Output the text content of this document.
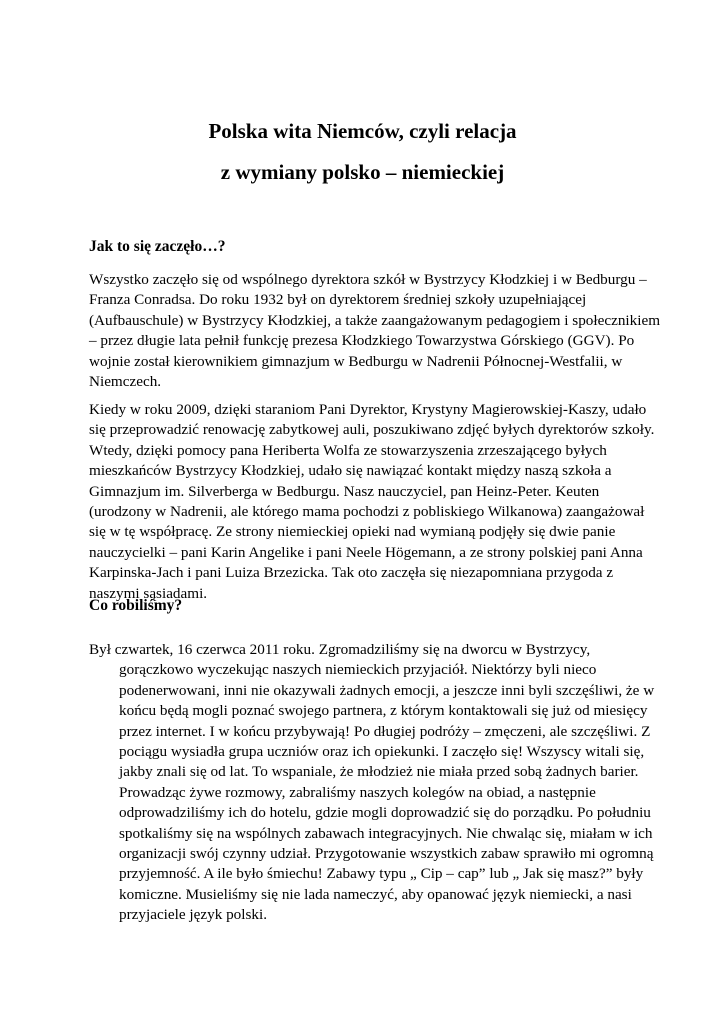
Polska wita Niemców, czyli relacja
z wymiany polsko – niemieckiej
Jak to się zaczęło…?
Wszystko zaczęło się od wspólnego dyrektora szkół w Bystrzycy Kłodzkiej i w Bedburgu –
Franza Conradsa. Do roku 1932 był on dyrektorem średniej szkoły uzupełniającej
(Aufbauschule) w Bystrzycy Kłodzkiej, a także zaangażowanym pedagogiem i społecznikiem
– przez długie lata pełnił funkcję prezesa Kłodzkiego Towarzystwa Górskiego (GGV). Po
wojnie został kierownikiem gimnazjum w Bedburgu w Nadrenii Północnej-Westfalii, w
Niemczech.
Kiedy w roku 2009, dzięki staraniom Pani Dyrektor, Krystyny Magierowskiej-Kaszy, udało
się przeprowadzić renowację zabytkowej auli, poszukiwano zdjęć byłych dyrektorów szkoły.
Wtedy, dzięki pomocy pana Heriberta Wolfa ze stowarzyszenia zrzeszającego byłych
mieszkańców Bystrzycy Kłodzkiej, udało się nawiązać kontakt między naszą szkoła a
Gimnazjum im. Silverberga w Bedburgu. Nasz nauczyciel, pan Heinz-Peter. Keuten
(urodzony w Nadrenii, ale którego mama pochodzi z pobliskiego Wilkanowa) zaangażował
się w tę współpracę. Ze strony niemieckiej opieki nad wymianą podjęły się dwie panie
nauczycielki – pani Karin Angelike i pani Neele Högemann, a ze strony polskiej pani Anna
Karpinska-Jach i pani Luiza Brzezicka. Tak oto zaczęła się niezapomniana przygoda z
naszymi sąsiadami.
Co robiliśmy?
Był czwartek, 16 czerwca 2011 roku. Zgromadziliśmy się na dworcu w Bystrzycy,
gorączkowo wyczekując naszych niemieckich przyjaciół. Niektórzy byli nieco
podenerwowani, inni nie okazywali żadnych emocji, a jeszcze inni byli szczęśliwi, że w
końcu będą mogli poznać swojego partnera, z którym kontaktowali się już od miesięcy
przez internet. I w końcu przybywają! Po długiej podróży – zmęczeni, ale szczęśliwi. Z
pociągu wysiadła grupa uczniów oraz ich opiekunki. I zaczęło się! Wszyscy witali się,
jakby znali się od lat. To wspaniale, że młodzież nie miała przed sobą żadnych barier.
Prowadząc żywe rozmowy, zabraliśmy naszych kolegów na obiad, a następnie
odprowadziliśmy ich do hotelu, gdzie mogli doprowadzić się do porządku. Po południu
spotkaliśmy się na wspólnych zabawach integracyjnych. Nie chwaląc się, miałam w ich
organizacji swój czynny udział. Przygotowanie wszystkich zabaw sprawiło mi ogromną
przyjemność. A ile było śmiechu! Zabawy typu „ Cip – cap” lub „ Jak się masz?” były
komiczne. Musieliśmy się nie lada nameczyć, aby opanować język niemiecki, a nasi
przyjaciele język polski.
